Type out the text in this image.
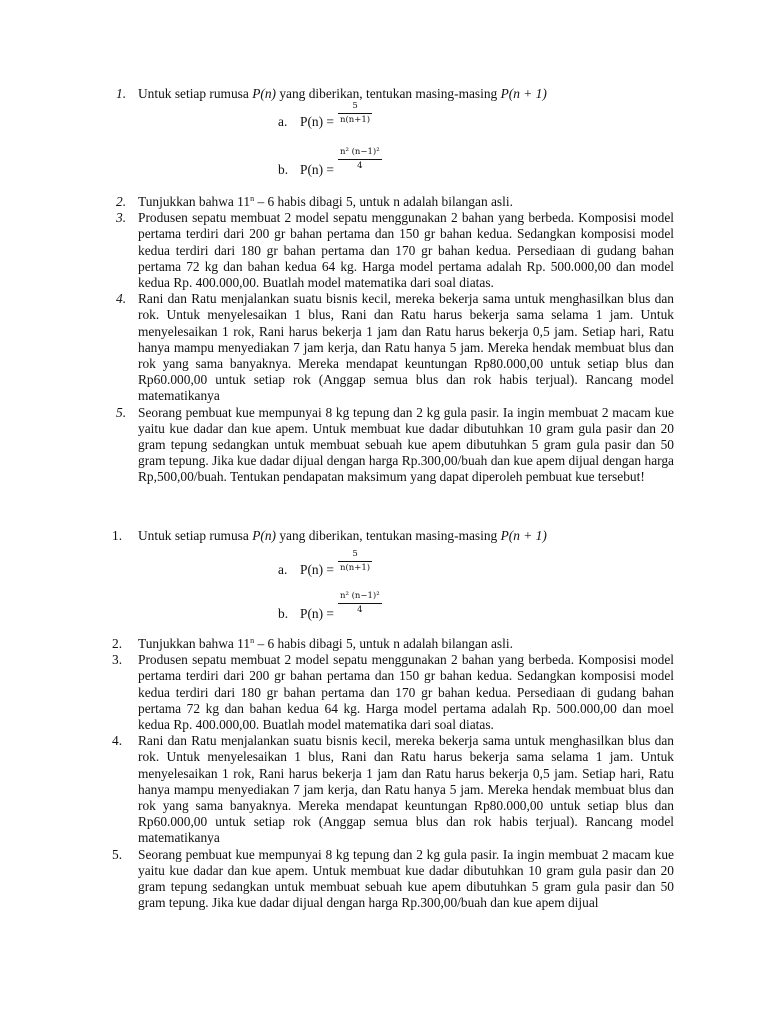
1. Untuk setiap rumusa P(n) yang diberikan, tentukan masing-masing P(n + 1)

a. P(n) =
5
n(n+1)
b. P(n) =
n² (n−1)²
4
2. Tunjukkan bahwa 11$^n$ – 6 habis dibagi 5, untuk n adalah bilangan asli.

3. Produsen sepatu membuat 2 model sepatu menggunakan 2 bahan yang berbeda. Komposisi model pertama terdiri dari 200 gr bahan pertama dan 150 gr bahan kedua. Sedangkan komposisi model kedua terdiri dari 180 gr bahan pertama dan 170 gr bahan kedua. Persediaan di gudang bahan pertama 72 kg dan bahan kedua 64 kg. Harga model pertama adalah Rp. 500.000,00 dan model kedua Rp. 400.000,00. Buatlah model matematika dari soal diatas.

4. Rani dan Ratu menjalankan suatu bisnis kecil, mereka bekerja sama untuk menghasilkan blus dan rok. Untuk menyelesaikan 1 blus, Rani dan Ratu harus bekerja sama selama 1 jam. Untuk menyelesaikan 1 rok, Rani harus bekerja 1 jam dan Ratu harus bekerja 0,5 jam. Setiap hari, Ratu hanya mampu menyediakan 7 jam kerja, dan Ratu hanya 5 jam. Mereka hendak membuat blus dan rok yang sama banyaknya. Mereka mendapat keuntungan Rp80.000,00 untuk setiap blus dan Rp60.000,00 untuk setiap rok (Anggap semua blus dan rok habis terjual). Rancang model matematikanya

5. Seorang pembuat kue mempunyai 8 kg tepung dan 2 kg gula pasir. Ia ingin membuat 2 macam kue yaitu kue dadar dan kue apem. Untuk membuat kue dadar dibutuhkan 10 gram gula pasir dan 20 gram tepung sedangkan untuk membuat sebuah kue apem dibutuhkan 5 gram gula pasir dan 50 gram tepung. Jika kue dadar dijual dengan harga Rp.300,00/buah dan kue apem dijual dengan harga Rp,500,00/buah. Tentukan pendapatan maksimum yang dapat diperoleh pembuat kue tersebut!

1. Untuk setiap rumusa P(n) yang diberikan, tentukan masing-masing P(n + 1)

a. P(n) =
5
n(n+1)
b. P(n) =
n² (n−1)²
4
2. Tunjukkan bahwa 11$^n$ – 6 habis dibagi 5, untuk n adalah bilangan asli.

3. Produsen sepatu membuat 2 model sepatu menggunakan 2 bahan yang berbeda. Komposisi model pertama terdiri dari 200 gr bahan pertama dan 150 gr bahan kedua. Sedangkan komposisi model kedua terdiri dari 180 gr bahan pertama dan 170 gr bahan kedua. Persediaan di gudang bahan pertama 72 kg dan bahan kedua 64 kg. Harga model pertama adalah Rp. 500.000,00 dan moel kedua Rp. 400.000,00. Buatlah model matematika dari soal diatas.

4. Rani dan Ratu menjalankan suatu bisnis kecil, mereka bekerja sama untuk menghasilkan blus dan rok. Untuk menyelesaikan 1 blus, Rani dan Ratu harus bekerja sama selama 1 jam. Untuk menyelesaikan 1 rok, Rani harus bekerja 1 jam dan Ratu harus bekerja 0,5 jam. Setiap hari, Ratu hanya mampu menyediakan 7 jam kerja, dan Ratu hanya 5 jam. Mereka hendak membuat blus dan rok yang sama banyaknya. Mereka mendapat keuntungan Rp80.000,00 untuk setiap blus dan Rp60.000,00 untuk setiap rok (Anggap semua blus dan rok habis terjual). Rancang model matematikanya

5. Seorang pembuat kue mempunyai 8 kg tepung dan 2 kg gula pasir. Ia ingin membuat 2 macam kue yaitu kue dadar dan kue apem. Untuk membuat kue dadar dibutuhkan 10 gram gula pasir dan 20 gram tepung sedangkan untuk membuat sebuah kue apem dibutuhkan 5 gram gula pasir dan 50 gram tepung. Jika kue dadar dijual dengan harga Rp.300,00/buah dan kue apem dijual
